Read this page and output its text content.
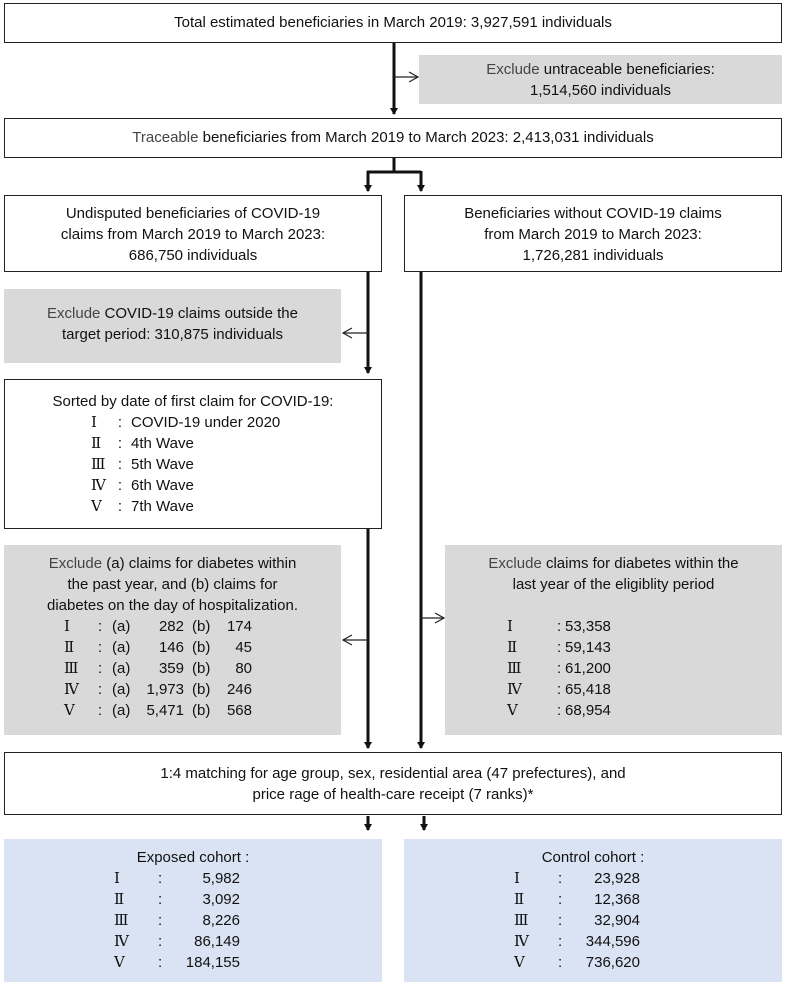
Total estimated beneficiaries in March 2019: 3,927,591 individuals
Exclude untraceable beneficiaries:
1,514,560 individuals
Traceable beneficiaries from March 2019 to March 2023: 2,413,031 individuals
Undisputed beneficiaries of COVID-19
claims from March 2019 to March 2023:
686,750 individuals
Beneficiaries without COVID-19 claims
from March 2019 to March 2023:
1,726,281 individuals
Exclude COVID-19 claims outside the
target period: 310,875 individuals
Sorted by date of first claim for COVID-19:
Ⅰ	:	COVID-19 under 2020
Ⅱ	:	4th Wave
Ⅲ	:	5th Wave
Ⅳ	:	6th Wave
Ⅴ	:	7th Wave
Exclude (a) claims for diabetes within
the past year, and (b) claims for
diabetes on the day of hospitalization.
Ⅰ	:	(a)	282	(b)	174
Ⅱ	:	(a)	146	(b)	45
Ⅲ	:	(a)	359	(b)	80
Ⅳ	:	(a)	1,973	(b)	246
Ⅴ	:	(a)	5,471	(b)	568
Exclude claims for diabetes within the
last year of the eligiblity period
Ⅰ	:	53,358
Ⅱ	:	59,143
Ⅲ	:	61,200
Ⅳ	:	65,418
Ⅴ	:	68,954
1:4 matching for age group, sex, residential area (47 prefectures), and
price rage of health-care receipt (7 ranks)*
Exposed cohort :
Ⅰ	:	5,982
Ⅱ	:	3,092
Ⅲ	:	8,226
Ⅳ	:	86,149
Ⅴ	:	184,155
Control cohort :
Ⅰ	:	23,928
Ⅱ	:	12,368
Ⅲ	:	32,904
Ⅳ	:	344,596
Ⅴ	:	736,620
